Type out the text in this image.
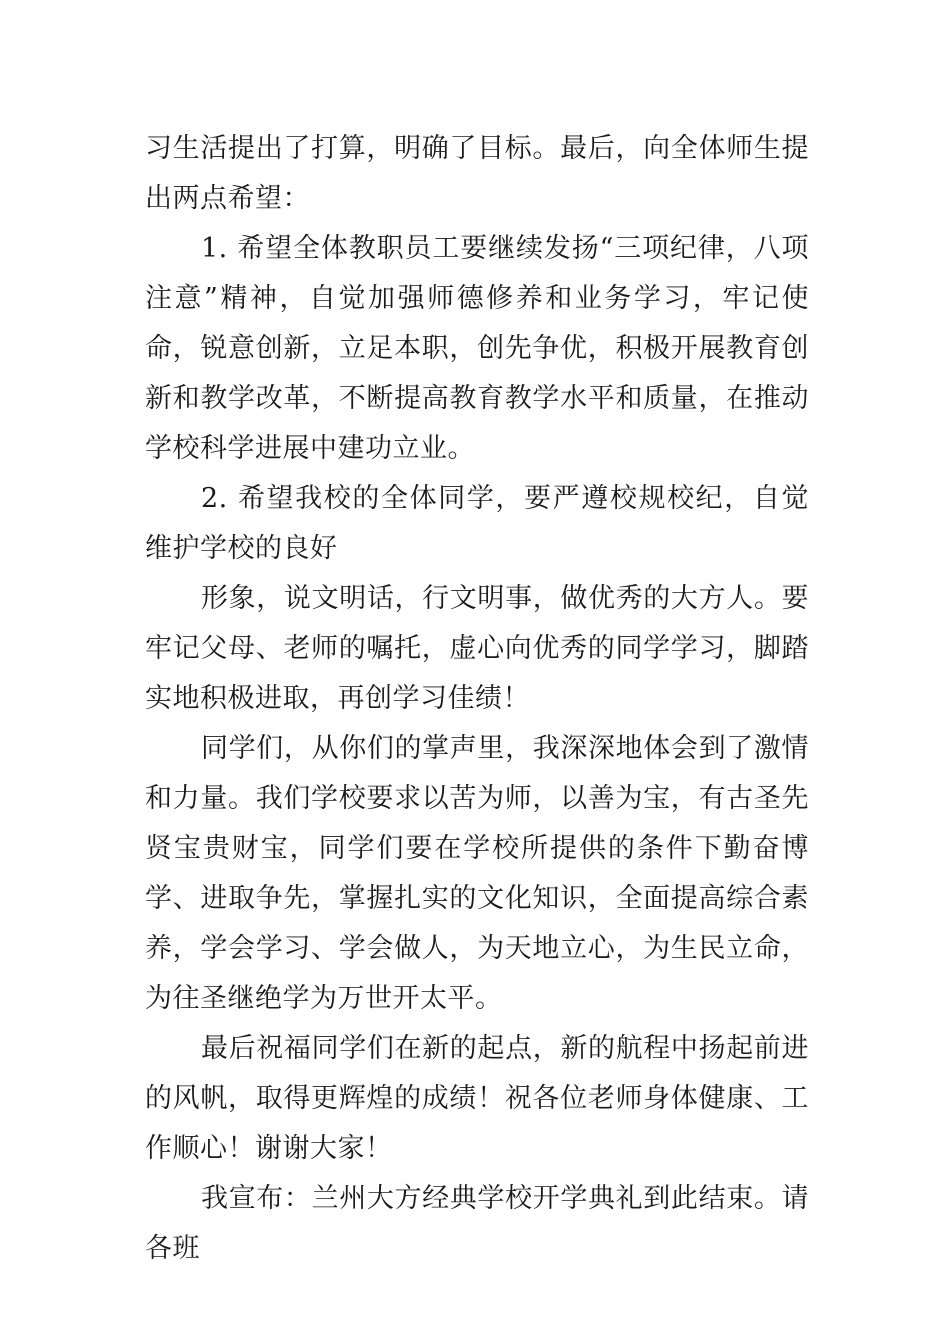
习生活提出了打算，明确了目标。最后，向全体师生提出两点希望：

1. 希望全体教职员工要继续发扬“三项纪律，八项注意”精神，自觉加强师德修养和业务学习，牢记使命，锐意创新，立足本职，创先争优，积极开展教育创新和教学改革，不断提高教育教学水平和质量，在推动学校科学进展中建功立业。

2. 希望我校的全体同学，要严遵校规校纪，自觉维护学校的良好

形象，说文明话，行文明事，做优秀的大方人。要牢记父母、老师的嘱托，虚心向优秀的同学学习，脚踏实地积极进取，再创学习佳绩！

同学们，从你们的掌声里，我深深地体会到了激情和力量。我们学校要求以苦为师，以善为宝，有古圣先贤宝贵财宝，同学们要在学校所提供的条件下勤奋博学、进取争先，掌握扎实的文化知识，全面提高综合素养，学会学习、学会做人，为天地立心，为生民立命，为往圣继绝学为万世开太平。

最后祝福同学们在新的起点，新的航程中扬起前进的风帆，取得更辉煌的成绩！祝各位老师身体健康、工作顺心！谢谢大家！

我宣布：兰州大方经典学校开学典礼到此结束。请各班
